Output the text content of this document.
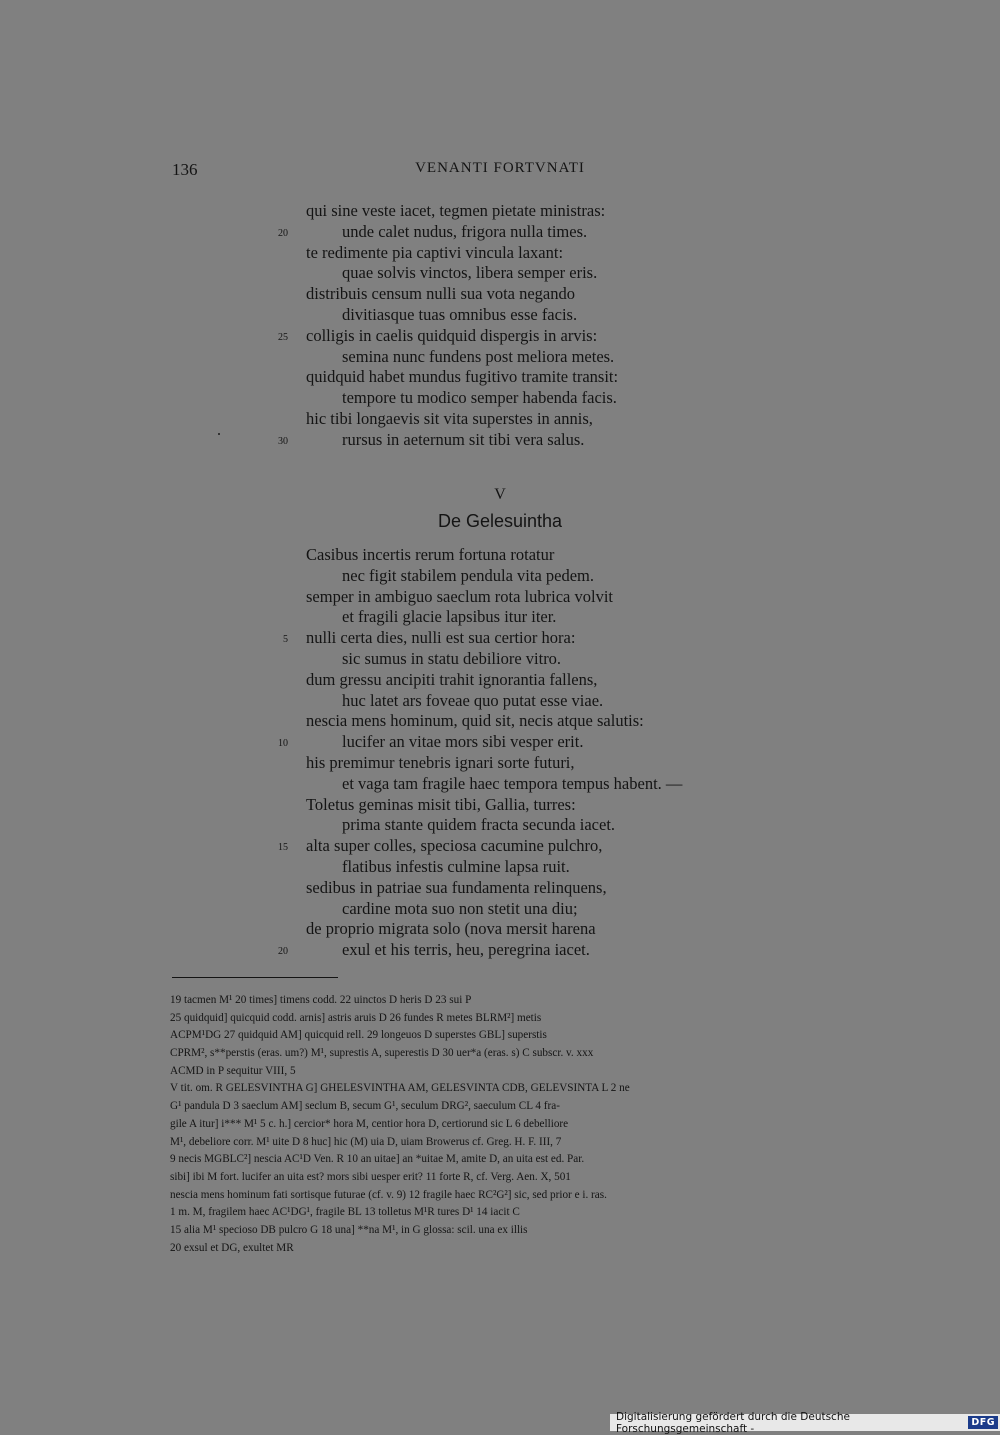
136	VENANTI FORTVNATI
qui sine veste iacet, tegmen pietate ministras:
20	unde calet nudus, frigora nulla times.
te redimente pia captivi vincula laxant:
quae solvis vinctos, libera semper eris.
distribuis censum nulli sua vota negando
divitiasque tuas omnibus esse facis.
25 colligis in caelis quidquid dispergis in arvis:
semina nunc fundens post meliora metes.
quidquid habet mundus fugitivo tramite transit:
tempore tu modico semper habenda facis.
hic tibi longaevis sit vita superstes in annis,
30	rursus in aeternum sit tibi vera salus.
V
De Gelesuintha
Casibus incertis rerum fortuna rotatur
nec figit stabilem pendula vita pedem.
semper in ambiguo saeclum rota lubrica volvit
et fragili glacie lapsibus itur iter.
5 nulli certa dies, nulli est sua certior hora:
sic sumus in statu debiliore vitro.
dum gressu ancipiti trahit ignorantia fallens,
huc latet ars foveae quo putat esse viae.
nescia mens hominum, quid sit, necis atque salutis:
10	lucifer an vitae mors sibi vesper erit.
his premimur tenebris ignari sorte futuri,
et vaga tam fragile haec tempora tempus habent. —
Toletus geminas misit tibi, Gallia, turres:
prima stante quidem fracta secunda iacet.
15 alta super colles, speciosa cacumine pulchro,
flatibus infestis culmine lapsa ruit.
sedibus in patriae sua fundamenta relinquens,
cardine mota suo non stetit una diu;
de proprio migrata solo (nova mersit harena
20	exul et his terris, heu, peregrina iacet.
19 tacmen M¹ 20 times] timens codd. 22 uinctos D heris D 23 sui P
25 quidquid] quicquid codd. arnis] astris aruis D 26 fundes R metes BLRM²] metis
ACPM¹DG 27 quidquid AM] quicquid rell. 29 longeuos D superstes GBL] superstis
CPRM², s**perstis (eras. um?) M¹, suprestis A, superestis D 30 uer*a (eras. s) C subscr. v. xxx
ACMD in P sequitur VIII, 5
V tit. om. R GELESVINTHA G] GHELESVINTHA AM, GELESVINTA CDB, GELEVSINTA L 2 ne
G¹ pandula D 3 saeclum AM] seclum B, secum G¹, seculum DRG², saeculum CL 4 fra-
gile A itur] i*** M¹ 5 c. h.] cercior* hora M, centior hora D, certiorund sic L 6 debelliore
M¹, debeliore corr. M¹ uite D 8 huc] hic (M) uia D, uiam Browerus cf. Greg. H. F. III, 7
9 necis MGBLC²] nescia AC¹D Ven. R 10 an uitae] an *uitae M, amite D, an uita est ed. Par.
sibi] ibi M fort. lucifer an uita est? mors sibi uesper erit? 11 forte R, cf. Verg. Aen. X, 501
nescia mens hominum fati sortisque futurae (cf. v. 9) 12 fragile haec RC²G²] sic, sed prior e i. ras.
1 m. M, fragilem haec AC¹DG¹, fragile BL 13 tolletus M¹R tures D¹ 14 iacit C
15 alia M¹ specioso DB pulcro G 18 una] **na M¹, in G glossa: scil. una ex illis
20 exsul et DG, exultet MR
Digitalisierung gefördert durch die Deutsche Forschungsgemeinschaft -	DFG
